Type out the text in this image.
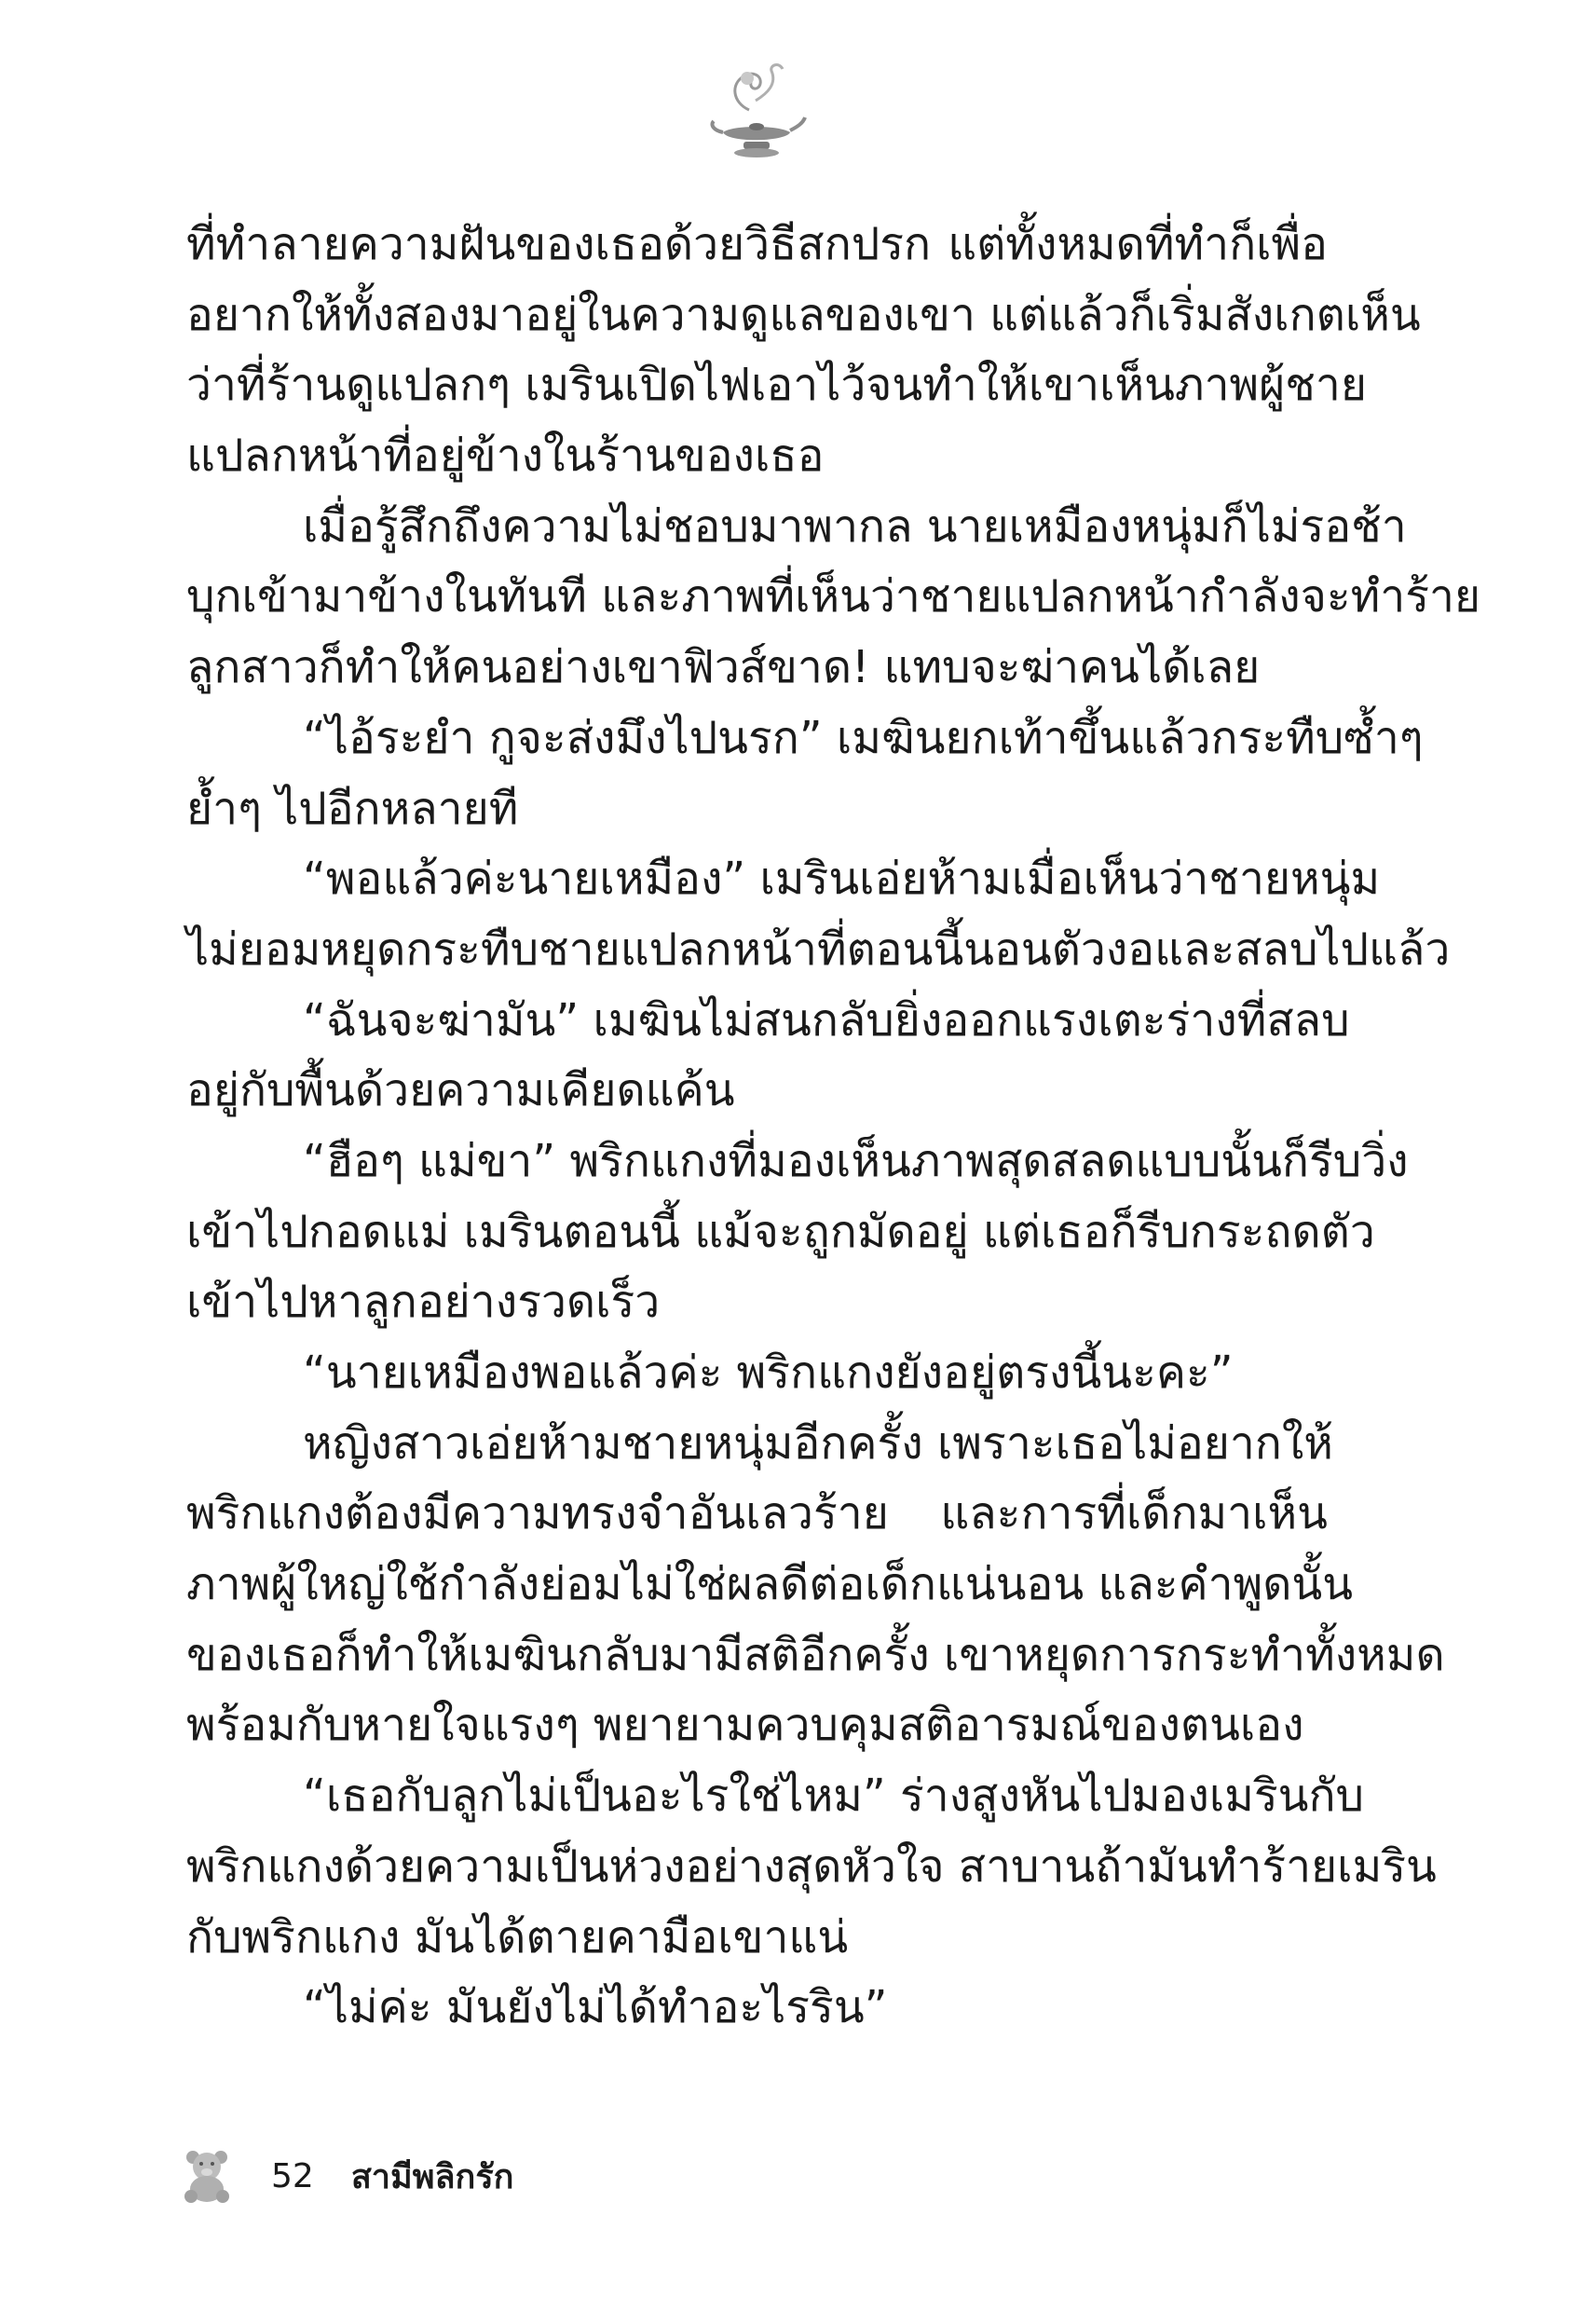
ที่ทำลายความฝันของเธอด้วยวิธีสกปรก แต่ทั้งหมดที่ทำก็เพื่อ
อยากให้ทั้งสองมาอยู่ในความดูแลของเขา แต่แล้วก็เริ่มสังเกตเห็น
ว่าที่ร้านดูแปลกๆ เมรินเปิดไฟเอาไว้จนทำให้เขาเห็นภาพผู้ชาย
แปลกหน้าที่อยู่ข้างในร้านของเธอ
เมื่อรู้สึกถึงความไม่ชอบมาพากล นายเหมืองหนุ่มก็ไม่รอช้า
บุกเข้ามาข้างในทันที และภาพที่เห็นว่าชายแปลกหน้ากำลังจะทำร้าย
ลูกสาวก็ทำให้คนอย่างเขาฟิวส์ขาด! แทบจะฆ่าคนได้เลย
“ไอ้ระยำ กูจะส่งมึงไปนรก” เมฆินยกเท้าขึ้นแล้วกระทืบซ้ำๆ
ย้ำๆ ไปอีกหลายที
“พอแล้วค่ะนายเหมือง” เมรินเอ่ยห้ามเมื่อเห็นว่าชายหนุ่ม
ไม่ยอมหยุดกระทืบชายแปลกหน้าที่ตอนนี้นอนตัวงอและสลบไปแล้ว
“ฉันจะฆ่ามัน” เมฆินไม่สนกลับยิ่งออกแรงเตะร่างที่สลบ
อยู่กับพื้นด้วยความเคียดแค้น
“ฮือๆ แม่ขา” พริกแกงที่มองเห็นภาพสุดสลดแบบนั้นก็รีบวิ่ง
เข้าไปกอดแม่ เมรินตอนนี้ แม้จะถูกมัดอยู่ แต่เธอก็รีบกระถดตัว
เข้าไปหาลูกอย่างรวดเร็ว
“นายเหมืองพอแล้วค่ะ พริกแกงยังอยู่ตรงนี้นะคะ”
หญิงสาวเอ่ยห้ามชายหนุ่มอีกครั้ง เพราะเธอไม่อยากให้
พริกแกงต้องมีความทรงจำอันเลวร้าย และการที่เด็กมาเห็น
ภาพผู้ใหญ่ใช้กำลังย่อมไม่ใช่ผลดีต่อเด็กแน่นอน และคำพูดนั้น
ของเธอก็ทำให้เมฆินกลับมามีสติอีกครั้ง เขาหยุดการกระทำทั้งหมด
พร้อมกับหายใจแรงๆ พยายามควบคุมสติอารมณ์ของตนเอง
“เธอกับลูกไม่เป็นอะไรใช่ไหม” ร่างสูงหันไปมองเมรินกับ
พริกแกงด้วยความเป็นห่วงอย่างสุดหัวใจ สาบานถ้ามันทำร้ายเมริน
กับพริกแกง มันได้ตายคามือเขาแน่
“ไม่ค่ะ มันยังไม่ได้ทำอะไรริน”
52 สามีพลิกรัก
